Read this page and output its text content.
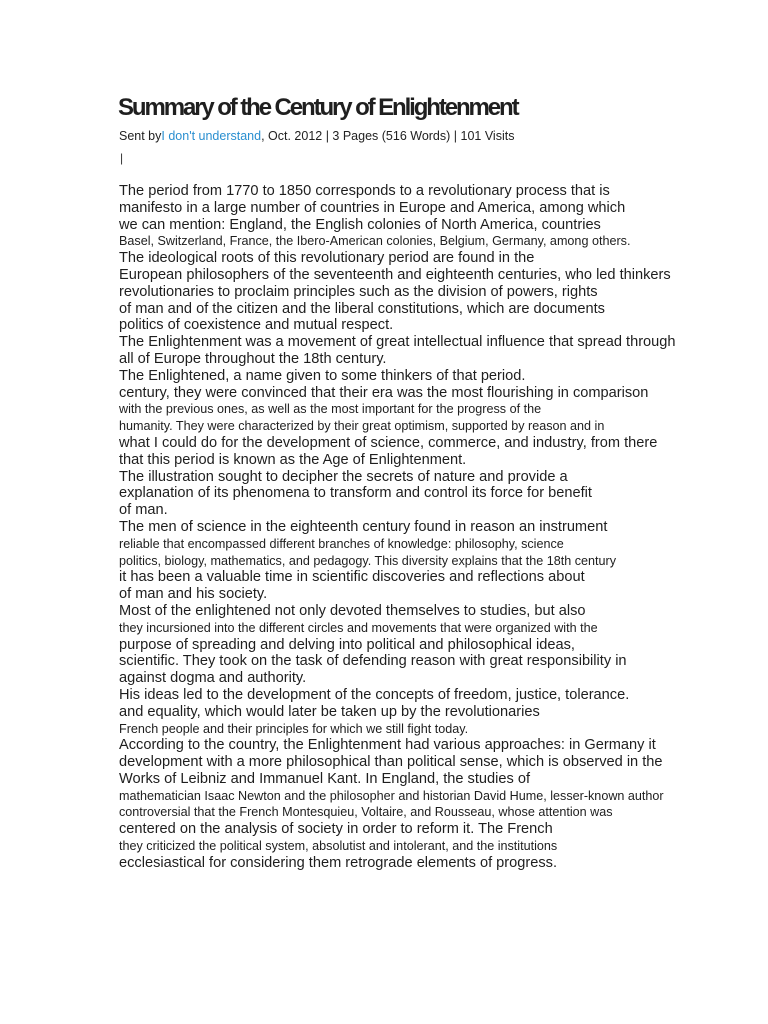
Summary of the Century of Enlightenment
Sent byI don't understand, Oct. 2012 | 3 Pages (516 Words) | 101 Visits
|
The period from 1770 to 1850 corresponds to a revolutionary process that is
manifesto in a large number of countries in Europe and America, among which
we can mention: England, the English colonies of North America, countries
Basel, Switzerland, France, the Ibero-American colonies, Belgium, Germany, among others.
The ideological roots of this revolutionary period are found in the
European philosophers of the seventeenth and eighteenth centuries, who led thinkers
revolutionaries to proclaim principles such as the division of powers, rights
of man and of the citizen and the liberal constitutions, which are documents
politics of coexistence and mutual respect.
The Enlightenment was a movement of great intellectual influence that spread through
all of Europe throughout the 18th century.
The Enlightened, a name given to some thinkers of that period.
century, they were convinced that their era was the most flourishing in comparison
with the previous ones, as well as the most important for the progress of the
humanity. They were characterized by their great optimism, supported by reason and in
what I could do for the development of science, commerce, and industry, from there
that this period is known as the Age of Enlightenment.
The illustration sought to decipher the secrets of nature and provide a
explanation of its phenomena to transform and control its force for benefit
of man.
The men of science in the eighteenth century found in reason an instrument
reliable that encompassed different branches of knowledge: philosophy, science
politics, biology, mathematics, and pedagogy. This diversity explains that the 18th century
it has been a valuable time in scientific discoveries and reflections about
of man and his society.
Most of the enlightened not only devoted themselves to studies, but also
they incursioned into the different circles and movements that were organized with the
purpose of spreading and delving into political and philosophical ideas,
scientific. They took on the task of defending reason with great responsibility in
against dogma and authority.
His ideas led to the development of the concepts of freedom, justice, tolerance.
and equality, which would later be taken up by the revolutionaries
French people and their principles for which we still fight today.
According to the country, the Enlightenment had various approaches: in Germany it
development with a more philosophical than political sense, which is observed in the
Works of Leibniz and Immanuel Kant. In England, the studies of
mathematician Isaac Newton and the philosopher and historian David Hume, lesser-known author
controversial that the French Montesquieu, Voltaire, and Rousseau, whose attention was
centered on the analysis of society in order to reform it. The French
they criticized the political system, absolutist and intolerant, and the institutions
ecclesiastical for considering them retrograde elements of progress.
